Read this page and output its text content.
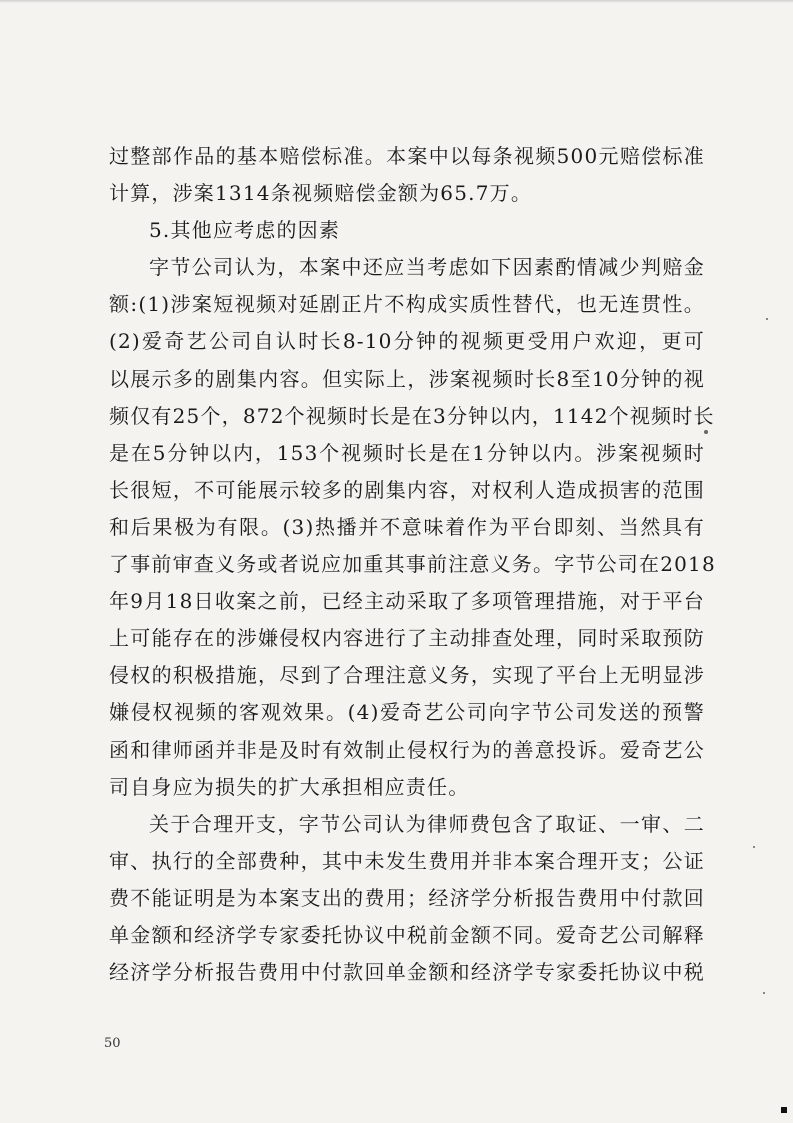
过整部作品的基本赔偿标准。本案中以每条视频500元赔偿标准
计算，涉案1314条视频赔偿金额为65.7万。
5.其他应考虑的因素
字节公司认为，本案中还应当考虑如下因素酌情减少判赔金
额:(1)涉案短视频对延剧正片不构成实质性替代，也无连贯性。
(2)爱奇艺公司自认时长8-10分钟的视频更受用户欢迎，更可
以展示多的剧集内容。但实际上，涉案视频时长8至10分钟的视
频仅有25个，872个视频时长是在3分钟以内，1142个视频时长
是在5分钟以内，153个视频时长是在1分钟以内。涉案视频时
长很短，不可能展示较多的剧集内容，对权利人造成损害的范围
和后果极为有限。(3)热播并不意味着作为平台即刻、当然具有
了事前审查义务或者说应加重其事前注意义务。字节公司在2018
年9月18日收案之前，已经主动采取了多项管理措施，对于平台
上可能存在的涉嫌侵权内容进行了主动排查处理，同时采取预防
侵权的积极措施，尽到了合理注意义务，实现了平台上无明显涉
嫌侵权视频的客观效果。(4)爱奇艺公司向字节公司发送的预警
函和律师函并非是及时有效制止侵权行为的善意投诉。爱奇艺公
司自身应为损失的扩大承担相应责任。
关于合理开支，字节公司认为律师费包含了取证、一审、二
审、执行的全部费种，其中未发生费用并非本案合理开支；公证
费不能证明是为本案支出的费用；经济学分析报告费用中付款回
单金额和经济学专家委托协议中税前金额不同。爱奇艺公司解释
经济学分析报告费用中付款回单金额和经济学专家委托协议中税
50
